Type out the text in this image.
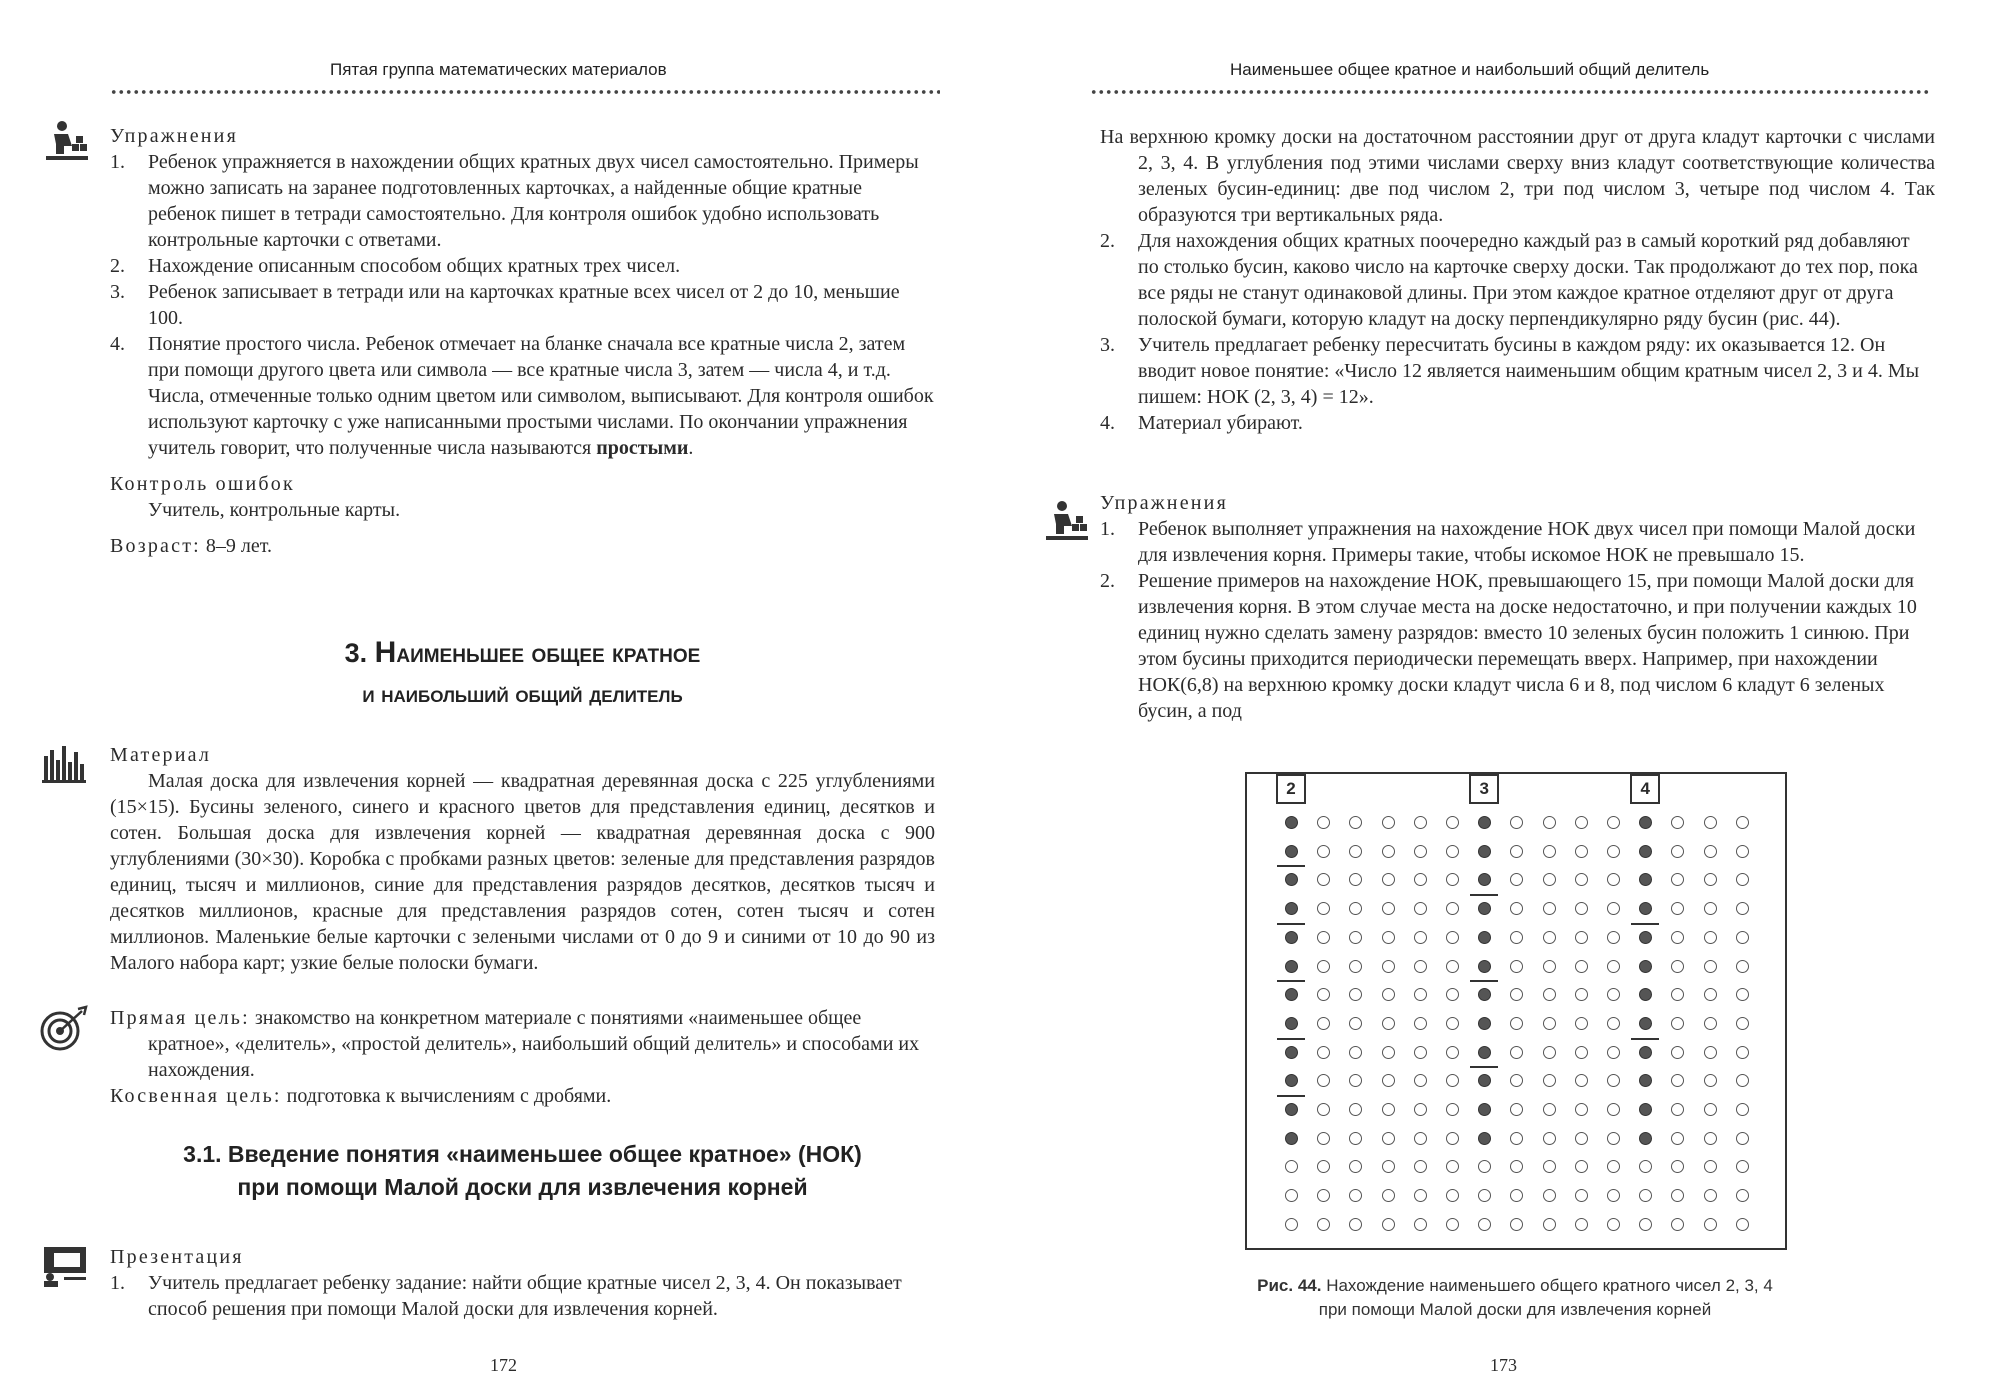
Пятая группа математических материалов
Упражнения
1. Ребенок упражняется в нахождении общих кратных двух чисел самостоятельно. Примеры можно записать на заранее подготовленных карточках, а найденные общие кратные ребенок пишет в тетради самостоятельно. Для контроля ошибок удобно использовать контрольные карточки с ответами.
2. Нахождение описанным способом общих кратных трех чисел.
3. Ребенок записывает в тетради или на карточках кратные всех чисел от 2 до 10, меньшие 100.
4. Понятие простого числа. Ребенок отмечает на бланке сначала все кратные числа 2, затем при помощи другого цвета или символа — все кратные числа 3, затем — числа 4, и т.д. Числа, отмеченные только одним цветом или символом, выписывают. Для контроля ошибок используют карточку с уже написанными простыми числами. По окончании упражнения учитель говорит, что полученные числа называются простыми.
Контроль ошибок
Учитель, контрольные карты.
Возраст: 8–9 лет.
3. Наименьшее общее кратное
и наибольший общий делитель
Материал
Малая доска для извлечения корней — квадратная деревянная доска с 225 углублениями (15×15). Бусины зеленого, синего и красного цветов для представления единиц, десятков и сотен. Большая доска для извлечения корней — квадратная деревянная доска с 900 углублениями (30×30). Коробка с пробками разных цветов: зеленые для представления разрядов единиц, тысяч и миллионов, синие для представления разрядов десятков, десятков тысяч и десятков миллионов, красные для представления разрядов сотен, сотен тысяч и сотен миллионов. Маленькие белые карточки с зелеными числами от 0 до 9 и синими от 10 до 90 из Малого набора карт; узкие белые полоски бумаги.
Прямая цель: знакомство на конкретном материале с понятиями «наименьшее общее кратное», «делитель», «простой делитель», наибольший общий делитель» и способами их нахождения.
Косвенная цель: подготовка к вычислениям с дробями.
3.1. Введение понятия «наименьшее общее кратное» (НОК)
при помощи Малой доски для извлечения корней
Презентация
1. Учитель предлагает ребенку задание: найти общие кратные чисел 2, 3, 4. Он показывает способ решения при помощи Малой доски для извлечения корней.
172
Наименьшее общее кратное и наибольший общий делитель
На верхнюю кромку доски на достаточном расстоянии друг от друга кладут карточки с числами 2, 3, 4. В углубления под этими числами сверху вниз кладут соответствующие количества зеленых бусин-единиц: две под числом 2, три под числом 3, четыре под числом 4. Так образуются три вертикальных ряда.
2. Для нахождения общих кратных поочередно каждый раз в самый короткий ряд добавляют по столько бусин, каково число на карточке сверху доски. Так продолжают до тех пор, пока все ряды не станут одинаковой длины. При этом каждое кратное отделяют друг от друга полоской бумаги, которую кладут на доску перпендикулярно ряду бусин (рис. 44).
3. Учитель предлагает ребенку пересчитать бусины в каждом ряду: их оказывается 12. Он вводит новое понятие: «Число 12 является наименьшим общим кратным чисел 2, 3 и 4. Мы пишем: НОК (2, 3, 4) = 12».
4. Материал убирают.
Упражнения
1. Ребенок выполняет упражнения на нахождение НОК двух чисел при помощи Малой доски для извлечения корня. Примеры такие, чтобы искомое НОК не превышало 15.
2. Решение примеров на нахождение НОК, превышающего 15, при помощи Малой доски для извлечения корня. В этом случае места на доске недостаточно, и при получении каждых 10 единиц нужно сделать замену разрядов: вместо 10 зеленых бусин положить 1 синюю. При этом бусины приходится периодически перемещать вверх. Например, при нахождении НОК(6,8) на верхнюю кромку доски кладут числа 6 и 8, под числом 6 кладут 6 зеленых бусин, а под
2	3	4
Рис. 44. Нахождение наименьшего общего кратного чисел 2, 3, 4
при помощи Малой доски для извлечения корней
173
